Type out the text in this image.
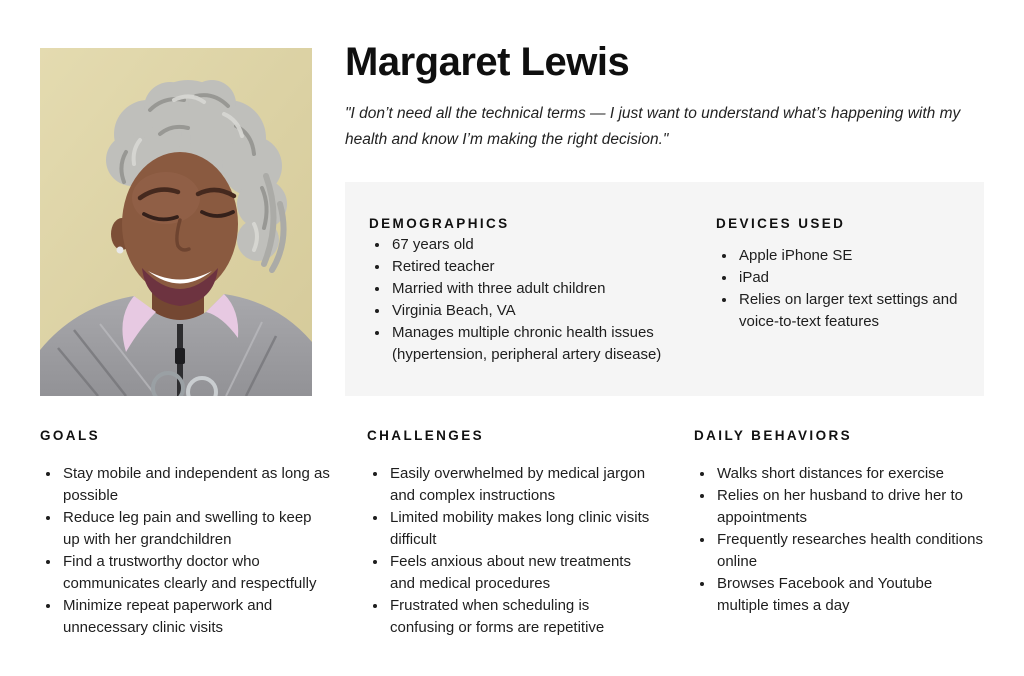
Margaret Lewis

"I don’t need all the technical terms — I just want to understand what’s happening with my health and know I’m making the right decision."

DEMOGRAPHICS
• 67 years old
• Retired teacher
• Married with three adult children
• Virginia Beach, VA
• Manages multiple chronic health issues (hypertension, peripheral artery disease)
DEVICES USED
• Apple iPhone SE
• iPad
• Relies on larger text settings and voice-to-text features
GOALS
• Stay mobile and independent as long as possible
• Reduce leg pain and swelling to keep up with her grandchildren
• Find a trustworthy doctor who communicates clearly and respectfully
• Minimize repeat paperwork and unnecessary clinic visits
CHALLENGES
• Easily overwhelmed by medical jargon and complex instructions
• Limited mobility makes long clinic visits difficult
• Feels anxious about new treatments and medical procedures
• Frustrated when scheduling is confusing or forms are repetitive
DAILY BEHAVIORS
• Walks short distances for exercise
• Relies on her husband to drive her to appointments
• Frequently researches health conditions online
• Browses Facebook and Youtube multiple times a day
